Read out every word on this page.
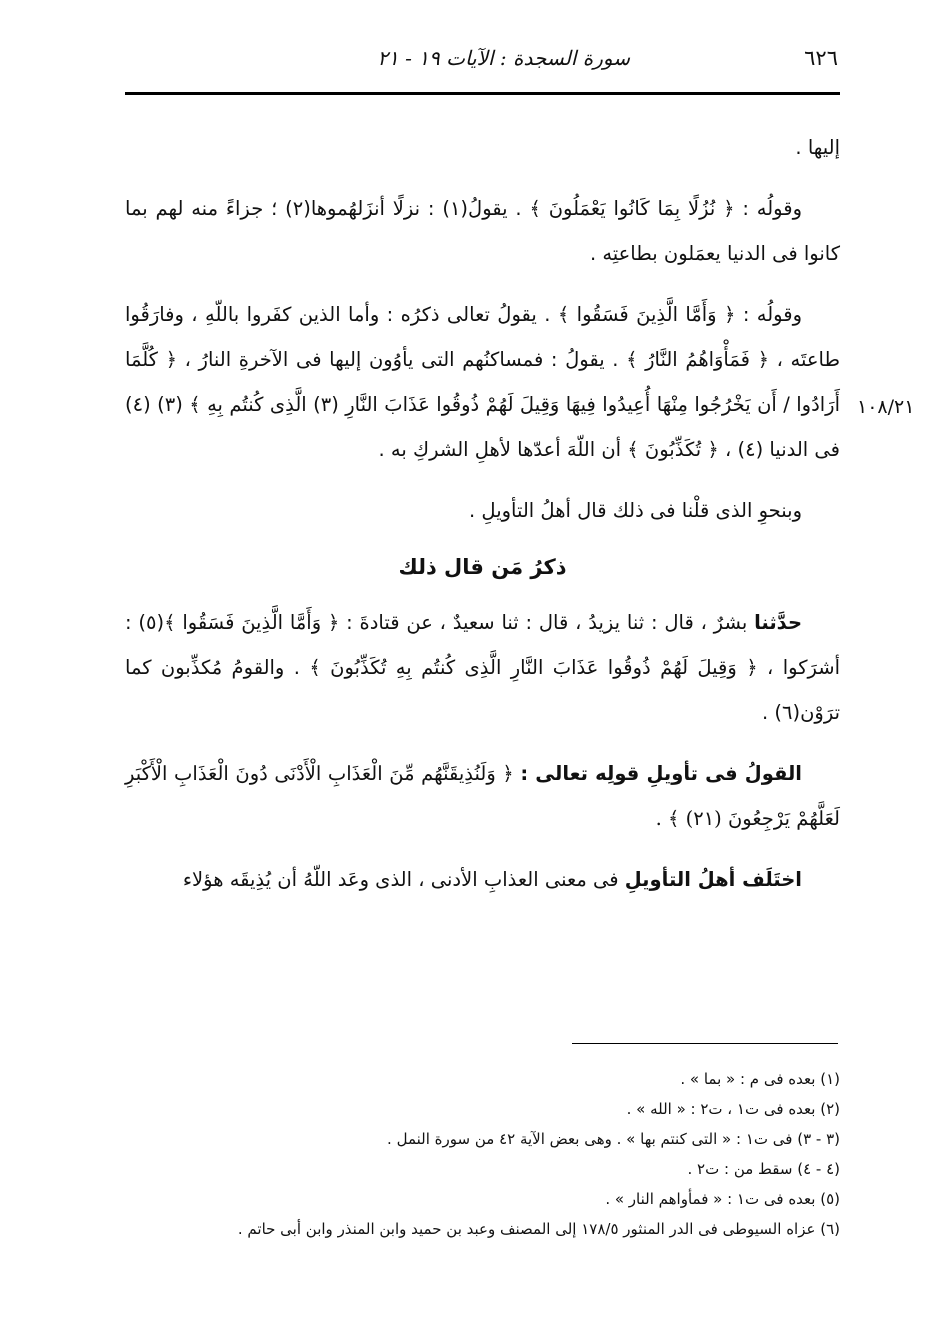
٦٢٦
سورة السجدة : الآيات ١٩ - ٢١
١٠٨/٢١

إليها .

وقولُه : ﴿ نُزُلًا بِمَا كَانُوا يَعْمَلُونَ ﴾ . يقولُ(١) : نزلًا أنزَلهُموها(٢) ؛ جزاءً منه لهم بما كانوا فى الدنيا يعمَلون بطاعتِه .

وقولُه : ﴿ وَأَمَّا الَّذِينَ فَسَقُوا ﴾ . يقولُ تعالى ذكرُه : وأما الذين كفَروا باللّهِ ، وفارَقُوا طاعتَه ، ﴿ فَمَأْوَاهُمُ النَّارُ ﴾ . يقولُ : فمساكنُهم التى يأوُون إليها فى الآخرةِ النارُ ، ﴿ كُلَّمَا أَرَادُوا / أَن يَخْرُجُوا مِنْهَا أُعِيدُوا فِيهَا وَقِيلَ لَهُمْ ذُوقُوا عَذَابَ النَّارِ (٣) الَّذِى كُنتُم بِهِ ﴾ (٣) (٤) فى الدنيا (٤) ، ﴿ تُكَذِّبُونَ ﴾ أن اللّهَ أعدّها لأهلِ الشركِ به .

وبنحوِ الذى قلْنا فى ذلك قال أهلُ التأويلِ .

ذكرُ مَن قال ذلك

حدَّثنا بشرٌ ، قال : ثنا يزيدُ ، قال : ثنا سعيدٌ ، عن قتادةَ : ﴿ وَأَمَّا الَّذِينَ فَسَقُوا ﴾(٥) : أشرَكوا ، ﴿ وَقِيلَ لَهُمْ ذُوقُوا عَذَابَ النَّارِ الَّذِى كُنتُم بِهِ تُكَذِّبُونَ ﴾ . والقومُ مُكذِّبون كما ترَوْن(٦) .

القولُ فى تأويلِ قولِه تعالى : ﴿ وَلَنُذِيقَنَّهُم مِّنَ الْعَذَابِ الْأَدْنَى دُونَ الْعَذَابِ الْأَكْبَرِ لَعَلَّهُمْ يَرْجِعُونَ (٢١) ﴾ .

اختَلَف أهلُ التأويلِ فى معنى العذابِ الأدنى ، الذى وعَد اللّهُ أن يُذِيقَه هؤلاء

(١) بعده فى م : « بما » .

(٢) بعده فى ت١ ، ت٢ : « الله » .

(٣ - ٣) فى ت١ : « التى كنتم بها » . وهى بعض الآية ٤٢ من سورة النمل .

(٤ - ٤) سقط من : ت٢ .

(٥) بعده فى ت١ : « فمأواهم النار » .

(٦) عزاه السيوطى فى الدر المنثور ١٧٨/٥ إلى المصنف وعبد بن حميد وابن المنذر وابن أبى حاتم .
